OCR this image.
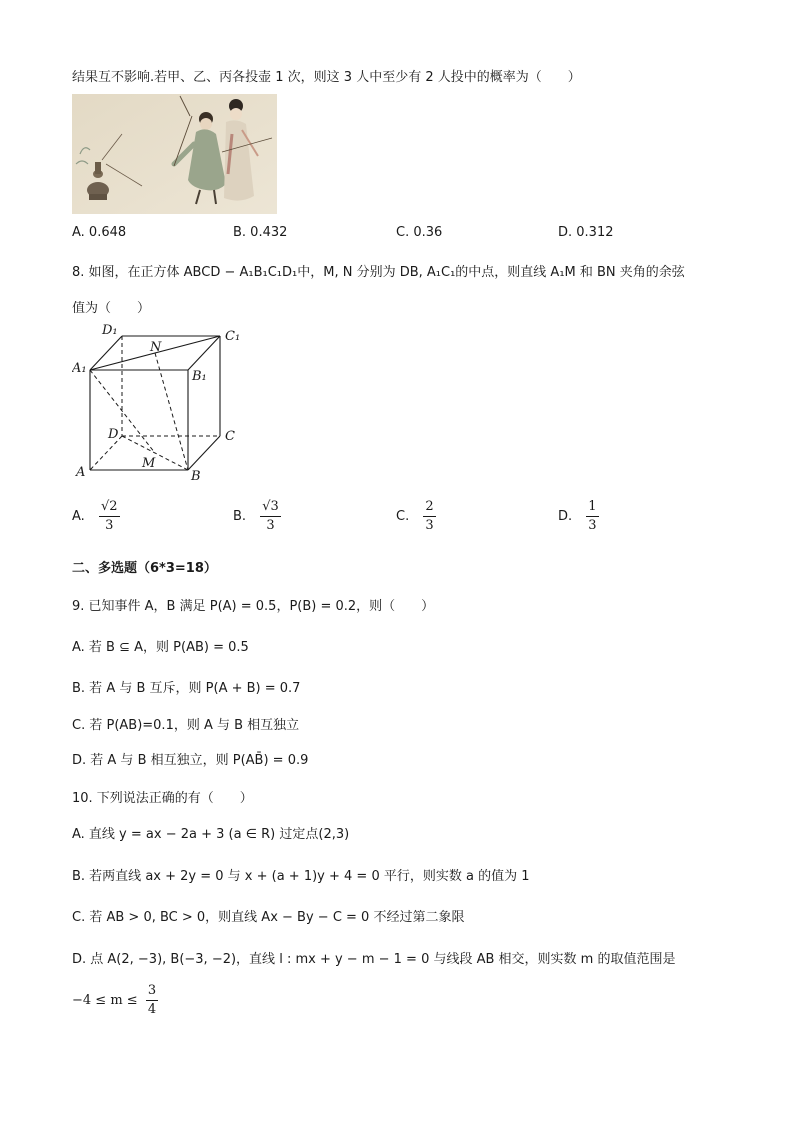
结果互不影响.若甲、乙、丙各投壶 1 次，则这 3 人中至少有 2 人投中的概率为（　　）
A. 0.648	B. 0.432	C. 0.36	D. 0.312
8. 如图，在正方体 ABCD − A₁B₁C₁D₁中，M, N 分别为 DB, A₁C₁的中点，则直线 A₁M 和 BN 夹角的余弦
值为（　　）
D₁	C₁
A₁
B₁
N
D	C
A
M
B
A. $\frac{√2}{3}$	B. $\frac{√3}{3}$	C. $\frac{2}{3}$	D. $\frac{1}{3}$
二、多选题（6*3=18）
9. 已知事件 A，B 满足 P(A) = 0.5，P(B) = 0.2，则（　　）
A. 若 B ⊆ A，则 P(AB) = 0.5
B. 若 A 与 B 互斥，则 P(A + B) = 0.7
C. 若 P(AB)=0.1，则 A 与 B 相互独立
D. 若 A 与 B 相互独立，则 P(AB̄) = 0.9
10. 下列说法正确的有（　　）
A. 直线 y = ax − 2a + 3 (a ∈ R) 过定点(2,3)
B. 若两直线 ax + 2y = 0 与 x + (a + 1)y + 4 = 0 平行，则实数 a 的值为 1
C. 若 AB > 0, BC > 0，则直线 Ax − By − C = 0 不经过第二象限
D. 点 A(2, −3), B(−3, −2)，直线 l : mx + y − m − 1 = 0 与线段 AB 相交，则实数 m 的取值范围是
$-4 \le m \le \frac{3}{4}$
